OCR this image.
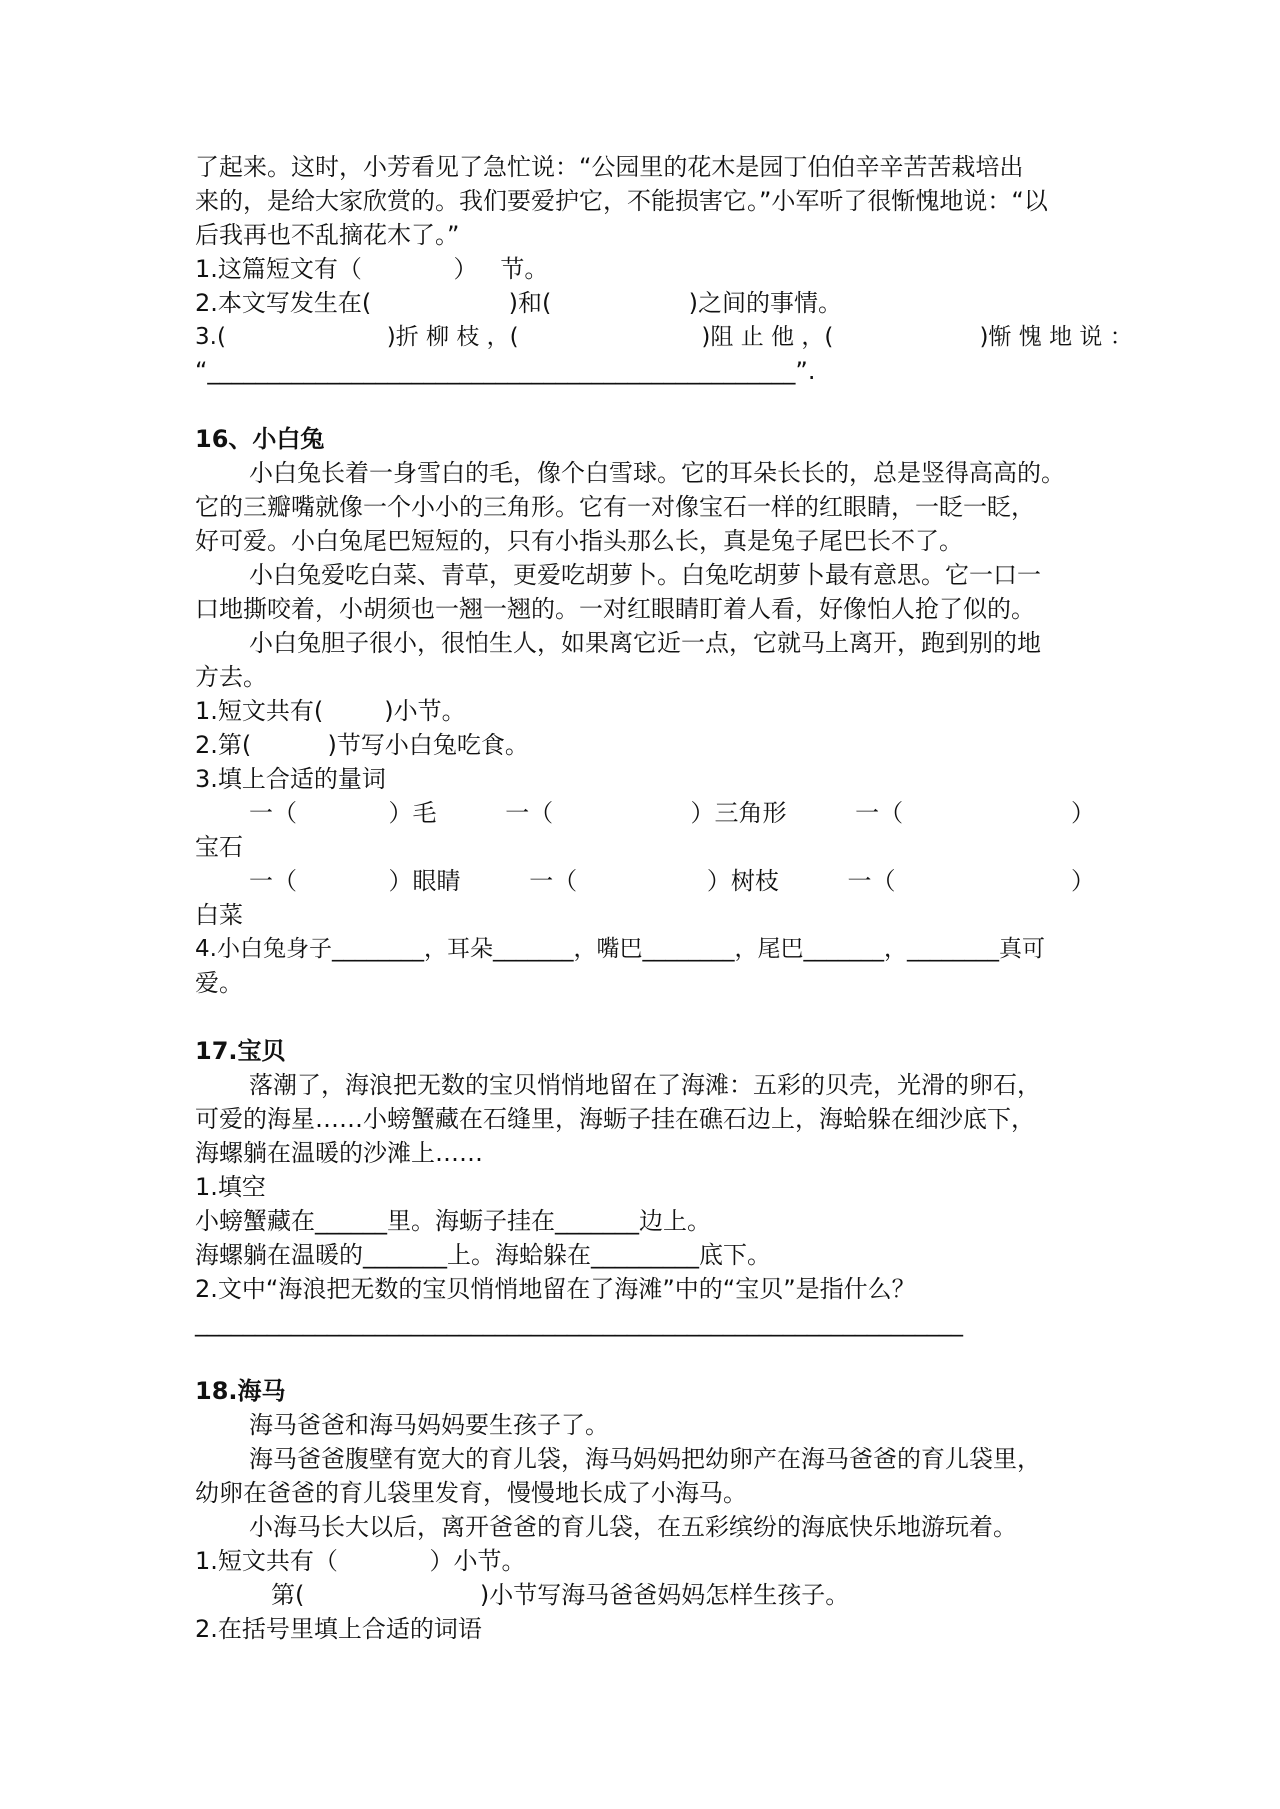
了起来。这时，小芳看见了急忙说：“公园里的花木是园丁伯伯辛辛苦苦栽培出

来的，是给大家欣赏的。我们要爱护它，不能损害它。”小军听了很惭愧地说：“以

后我再也不乱摘花木了。”

1.这篇短文有（            ）   节。

2.本文写发生在(                  )和(                  )之间的事情。

3.(                      )折 柳 枝 ，(                         )阻 止 他 ，(                    )惭 愧 地 说 ：

“_________________________________________________”.

16、小白兔

小白兔长着一身雪白的毛，像个白雪球。它的耳朵长长的，总是竖得高高的。

它的三瓣嘴就像一个小小的三角形。它有一对像宝石一样的红眼睛，一眨一眨，

好可爱。小白兔尾巴短短的，只有小指头那么长，真是兔子尾巴长不了。

小白兔爱吃白菜、青草，更爱吃胡萝卜。白兔吃胡萝卜最有意思。它一口一

口地撕咬着，小胡须也一翘一翘的。一对红眼睛盯着人看，好像怕人抢了似的。

小白兔胆子很小，很怕生人，如果离它近一点，它就马上离开，跑到别的地

方去。

1.短文共有(        )小节。

2.第(          )节写小白兔吃食。

3.填上合适的量词

一（            ）毛	一（                  ）三角形	一（                      ）

宝石

一（            ）眼睛	一（                 ）树枝	一（                       ）

白菜

4.小白兔身子________，耳朵_______，嘴巴________，尾巴_______，________真可

爱。

17.宝贝

落潮了，海浪把无数的宝贝悄悄地留在了海滩：五彩的贝壳，光滑的卵石，

可爱的海星……小螃蟹藏在石缝里，海蛎子挂在礁石边上，海蛤躲在细沙底下，

海螺躺在温暖的沙滩上……

1.填空

小螃蟹藏在______里。海蛎子挂在_______边上。

海螺躺在温暖的_______上。海蛤躲在_________底下。

2.文中“海浪把无数的宝贝悄悄地留在了海滩”中的“宝贝”是指什么？

________________________________________________________________

18.海马

海马爸爸和海马妈妈要生孩子了。

海马爸爸腹壁有宽大的育儿袋，海马妈妈把幼卵产在海马爸爸的育儿袋里，

幼卵在爸爸的育儿袋里发育，慢慢地长成了小海马。

小海马长大以后，离开爸爸的育儿袋，在五彩缤纷的海底快乐地游玩着。

1.短文共有（            ）小节。

第(                       )小节写海马爸爸妈妈怎样生孩子。

2.在括号里填上合适的词语
